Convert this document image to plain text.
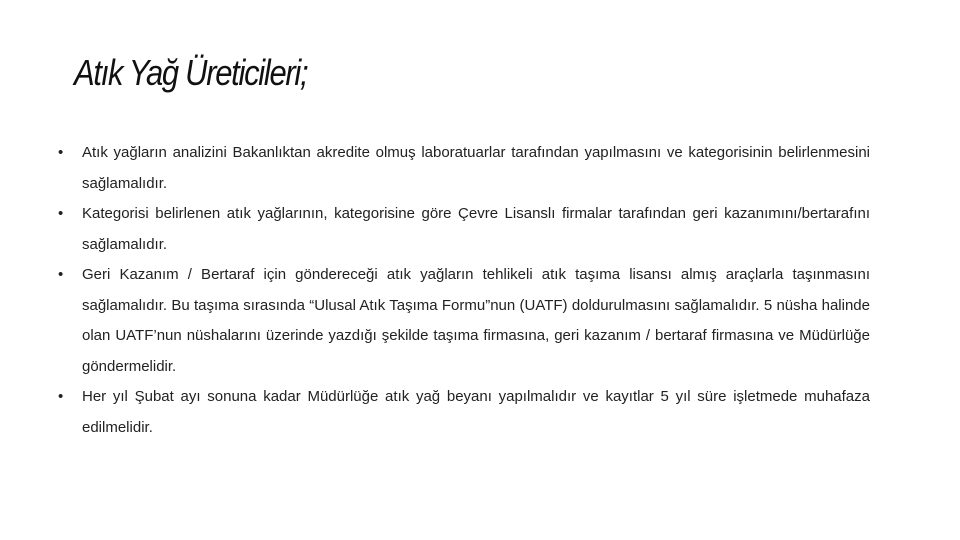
Atık Yağ Üreticileri;
• Atık yağların analizini Bakanlıktan akredite olmuş laboratuarlar tarafından yapılmasını ve kategorisinin belirlenmesini sağlamalıdır.
• Kategorisi belirlenen atık yağlarının, kategorisine göre Çevre Lisanslı firmalar tarafından geri kazanımını/bertarafını sağlamalıdır.
• Geri Kazanım / Bertaraf için göndereceği atık yağların tehlikeli atık taşıma lisansı almış araçlarla taşınmasını sağlamalıdır. Bu taşıma sırasında “Ulusal Atık Taşıma Formu”nun (UATF) doldurulmasını sağlamalıdır. 5 nüsha halinde olan UATF’nun nüshalarını üzerinde yazdığı şekilde taşıma firmasına, geri kazanım / bertaraf firmasına ve Müdürlüğe göndermelidir.
• Her yıl Şubat ayı sonuna kadar Müdürlüğe atık yağ beyanı yapılmalıdır ve kayıtlar 5 yıl süre işletmede muhafaza edilmelidir.
